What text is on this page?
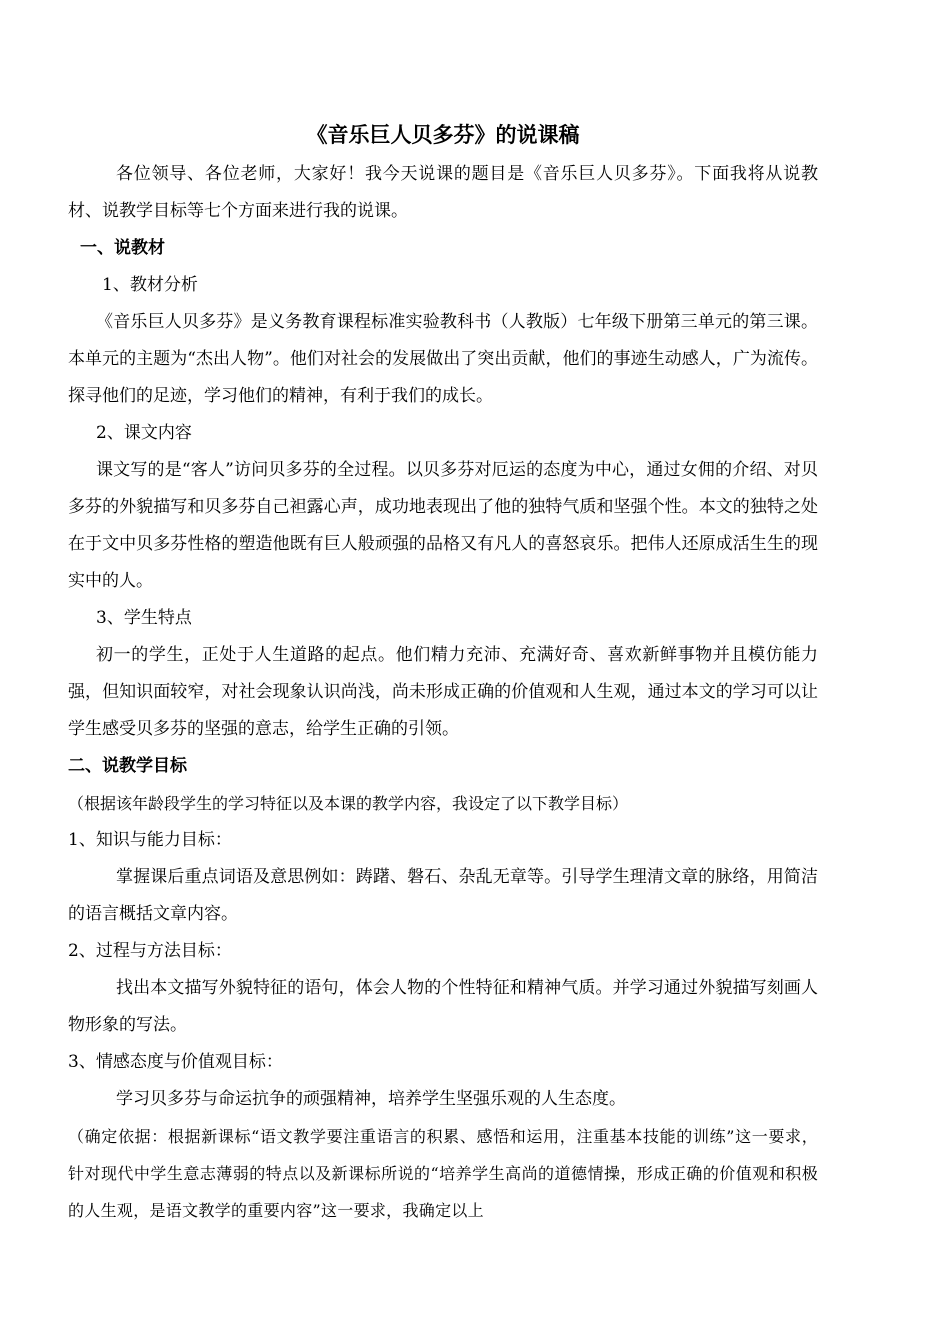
《音乐巨人贝多芬》的说课稿

各位领导、各位老师，大家好！我今天说课的题目是《音乐巨人贝多芬》。下面我将从说教材、说教学目标等七个方面来进行我的说课。

一、说教材

1、教材分析

《音乐巨人贝多芬》是义务教育课程标准实验教科书（人教版）七年级下册第三单元的第三课。本单元的主题为“杰出人物”。他们对社会的发展做出了突出贡献，他们的事迹生动感人，广为流传。探寻他们的足迹，学习他们的精神，有利于我们的成长。

2、课文内容

课文写的是“客人”访问贝多芬的全过程。以贝多芬对厄运的态度为中心，通过女佣的介绍、对贝多芬的外貌描写和贝多芬自己袒露心声，成功地表现出了他的独特气质和坚强个性。本文的独特之处在于文中贝多芬性格的塑造他既有巨人般顽强的品格又有凡人的喜怒哀乐。把伟人还原成活生生的现实中的人。

3、学生特点

初一的学生，正处于人生道路的起点。他们精力充沛、充满好奇、喜欢新鲜事物并且模仿能力强，但知识面较窄，对社会现象认识尚浅，尚未形成正确的价值观和人生观，通过本文的学习可以让学生感受贝多芬的坚强的意志，给学生正确的引领。

二、说教学目标

（根据该年龄段学生的学习特征以及本课的教学内容，我设定了以下教学目标）

1、知识与能力目标：

掌握课后重点词语及意思例如：踌躇、磐石、杂乱无章等。引导学生理清文章的脉络，用简洁的语言概括文章内容。

2、过程与方法目标：

找出本文描写外貌特征的语句，体会人物的个性特征和精神气质。并学习通过外貌描写刻画人物形象的写法。

3、情感态度与价值观目标：

学习贝多芬与命运抗争的顽强精神，培养学生坚强乐观的人生态度。

（确定依据：根据新课标“语文教学要注重语言的积累、感悟和运用，注重基本技能的训练”这一要求，针对现代中学生意志薄弱的特点以及新课标所说的“培养学生高尚的道德情操，形成正确的价值观和积极的人生观，是语文教学的重要内容”这一要求，我确定以上
